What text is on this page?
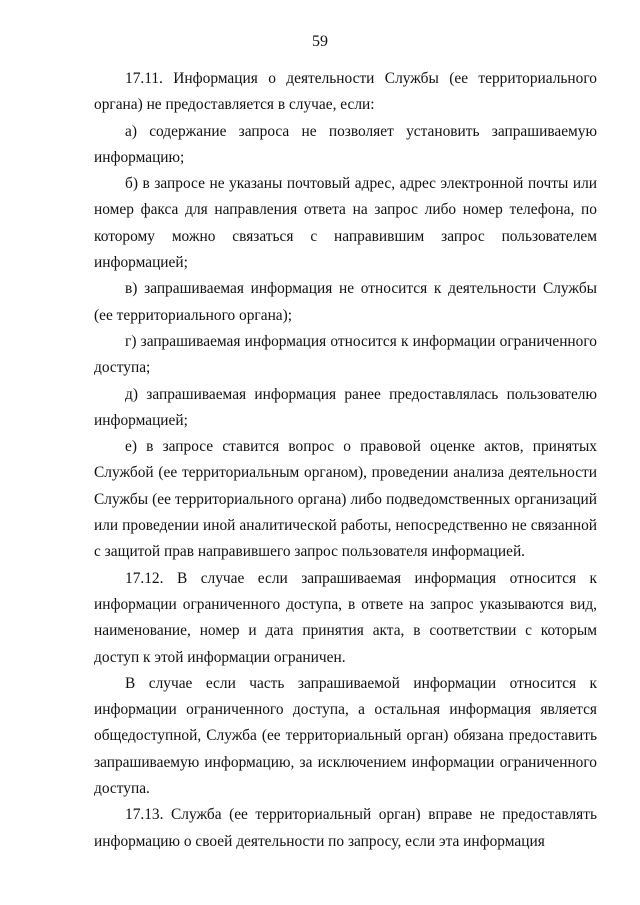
59

17.11. Информация о деятельности Службы (ее территориального органа) не предоставляется в случае, если:

а) содержание запроса не позволяет установить запрашиваемую информацию;

б) в запросе не указаны почтовый адрес, адрес электронной почты или номер факса для направления ответа на запрос либо номер телефона, по которому можно связаться с направившим запрос пользователем информацией;

в) запрашиваемая информация не относится к деятельности Службы (ее территориального органа);

г) запрашиваемая информация относится к информации ограниченного доступа;

д) запрашиваемая информация ранее предоставлялась пользователю информацией;

е) в запросе ставится вопрос о правовой оценке актов, принятых Службой (ее территориальным органом), проведении анализа деятельности Службы (ее территориального органа) либо подведомственных организаций или проведении иной аналитической работы, непосредственно не связанной с защитой прав направившего запрос пользователя информацией.

17.12. В случае если запрашиваемая информация относится к информации ограниченного доступа, в ответе на запрос указываются вид, наименование, номер и дата принятия акта, в соответствии с которым доступ к этой информации ограничен.

В случае если часть запрашиваемой информации относится к информации ограниченного доступа, а остальная информация является общедоступной, Служба (ее территориальный орган) обязана предоставить запрашиваемую информацию, за исключением информации ограниченного доступа.

17.13. Служба (ее территориальный орган) вправе не предоставлять информацию о своей деятельности по запросу, если эта информация
